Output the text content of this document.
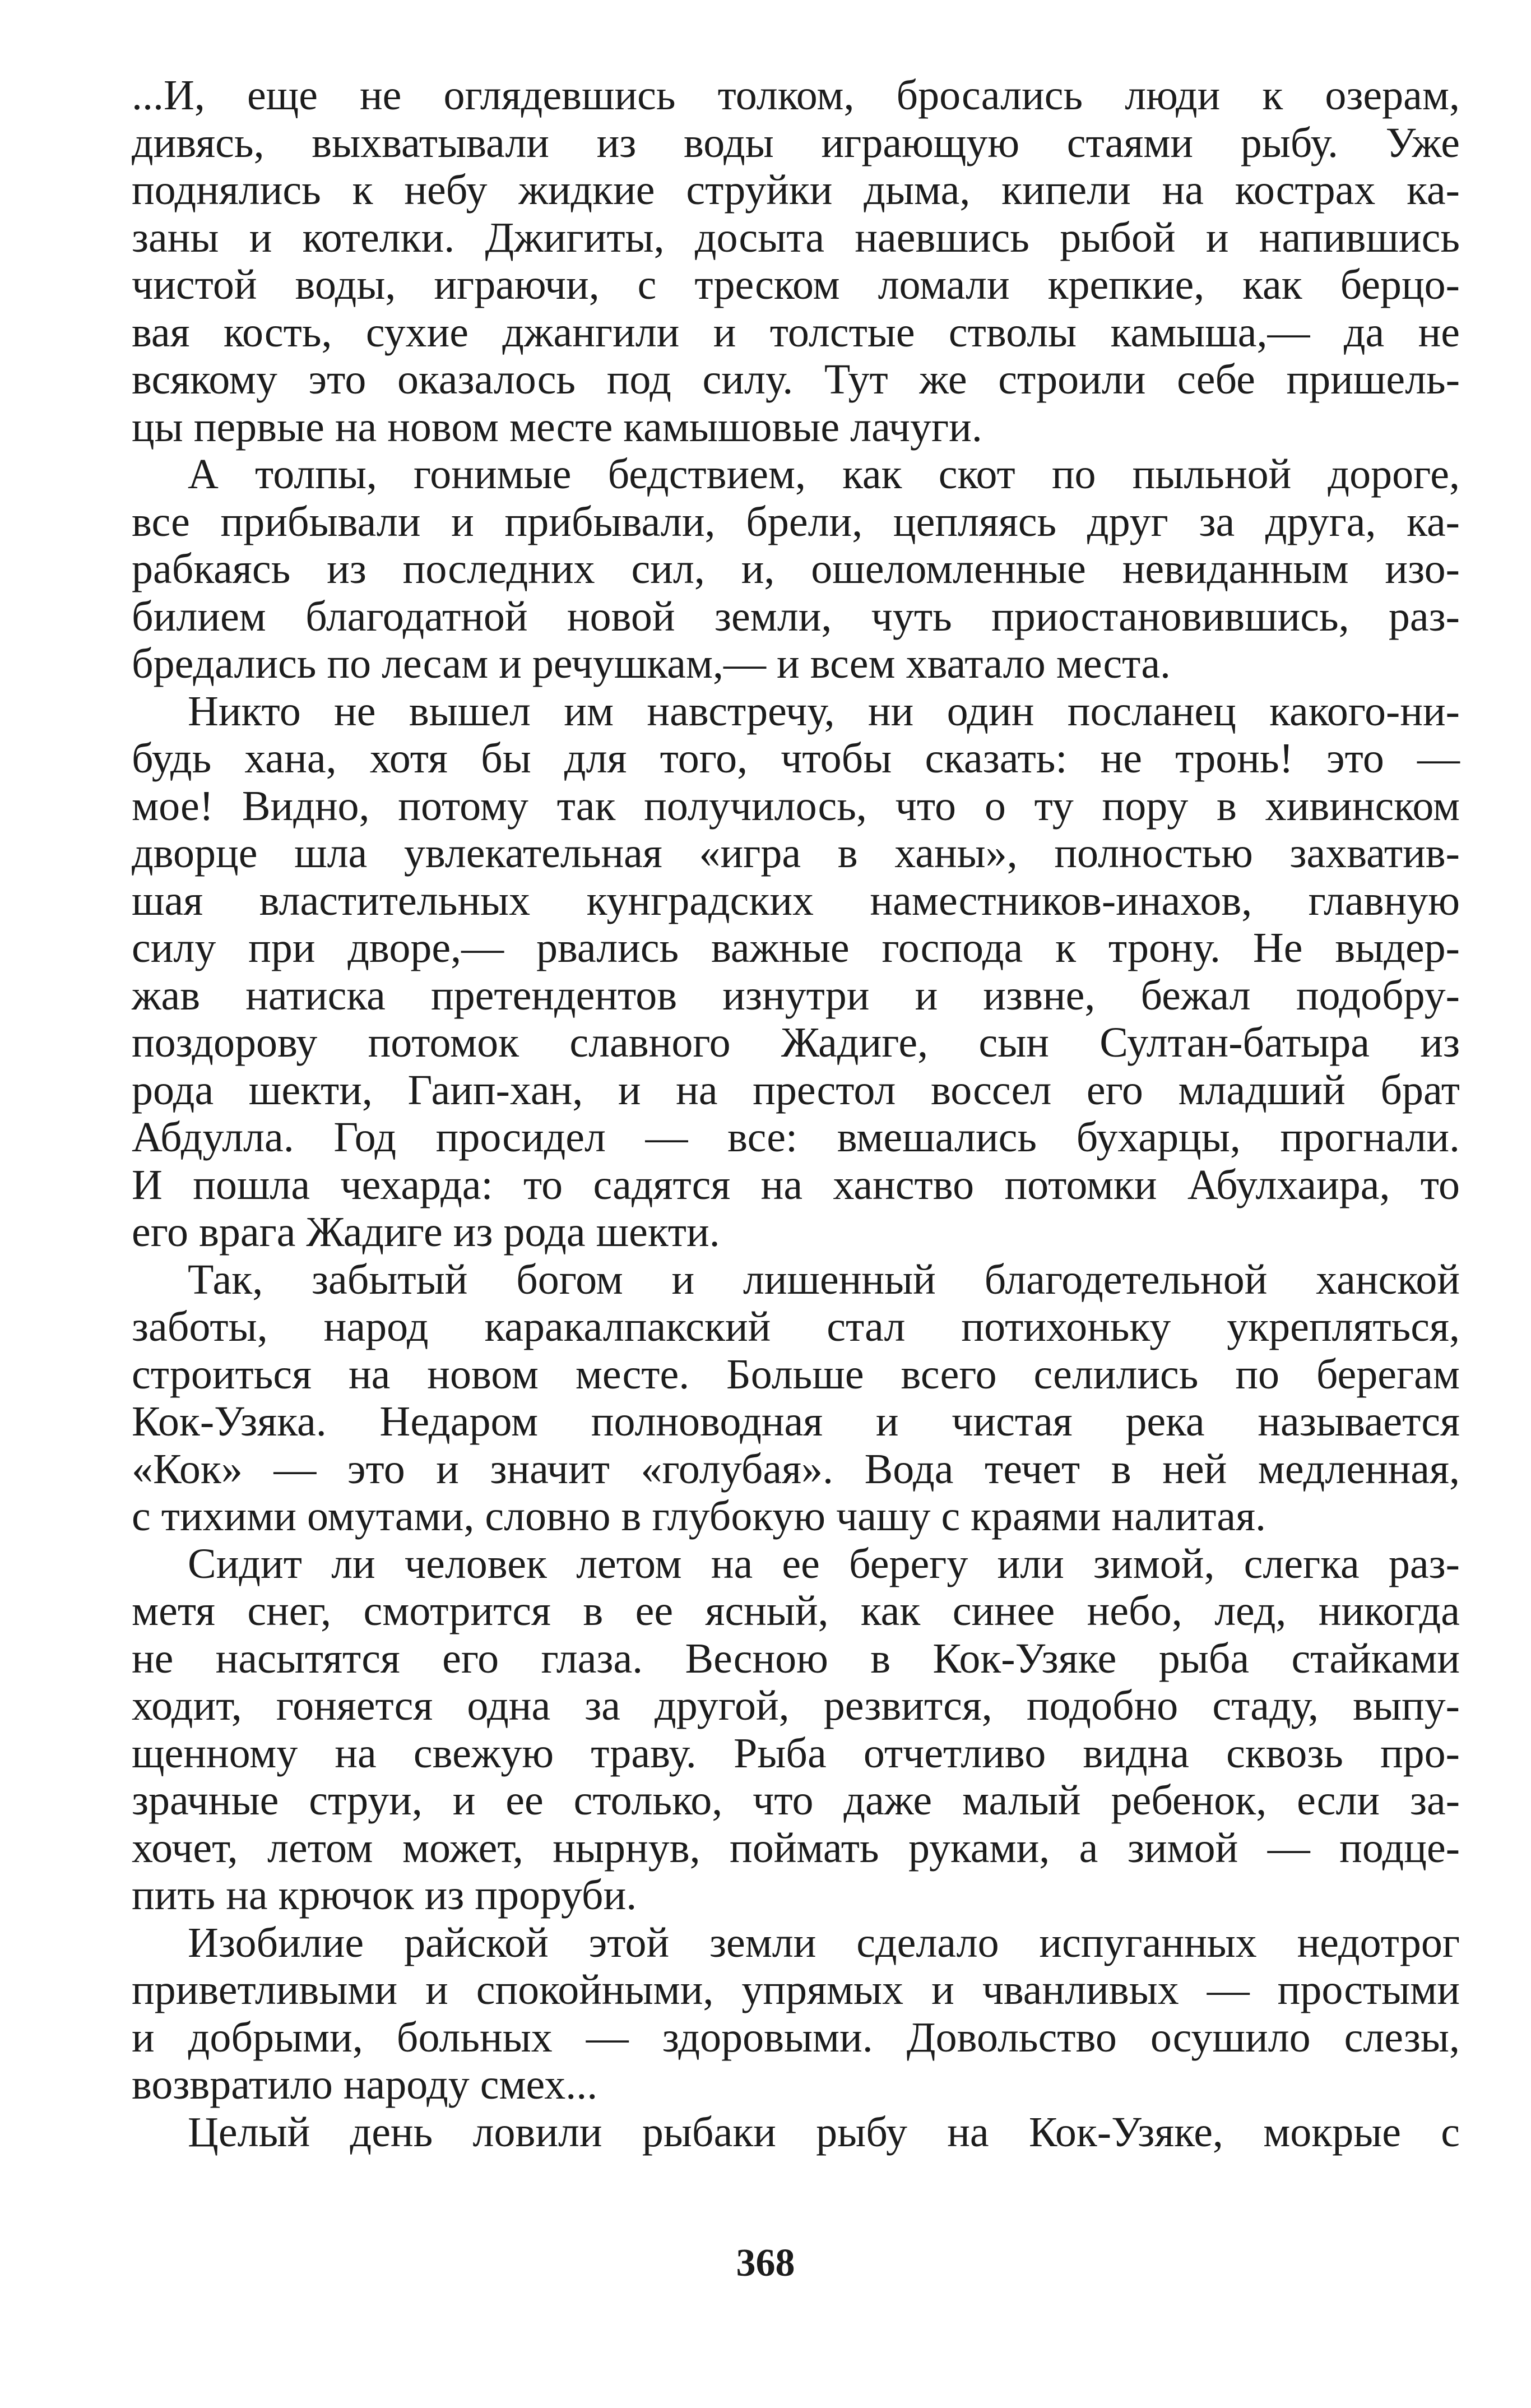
...И, еще не оглядевшись толком, бросались люди к озерам,
дивясь, выхватывали из воды играющую стаями рыбу. Уже
поднялись к небу жидкие струйки дыма, кипели на кострах ка-
заны и котелки. Джигиты, досыта наевшись рыбой и напившись
чистой воды, играючи, с треском ломали крепкие, как берцо-
вая кость, сухие джангили и толстые стволы камыша,— да не
всякому это оказалось под силу. Тут же строили себе пришель-
цы первые на новом месте камышовые лачуги.
А толпы, гонимые бедствием, как скот по пыльной дороге,
все прибывали и прибывали, брели, цепляясь друг за друга, ка-
рабкаясь из последних сил, и, ошеломленные невиданным изо-
билием благодатной новой земли, чуть приостановившись, раз-
бредались по лесам и речушкам,— и всем хватало места.
Никто не вышел им навстречу, ни один посланец какого-ни-
будь хана, хотя бы для того, чтобы сказать: не тронь! это —
мое! Видно, потому так получилось, что о ту пору в хивинском
дворце шла увлекательная «игра в ханы», полностью захватив-
шая властительных кунградских наместников-инахов, главную
силу при дворе,— рвались важные господа к трону. Не выдер-
жав натиска претендентов изнутри и извне, бежал подобру-
поздорову потомок славного Жадиге, сын Султан-батыра из
рода шекти, Гаип-хан, и на престол воссел его младший брат
Абдулла. Год просидел — все: вмешались бухарцы, прогнали.
И пошла чехарда: то садятся на ханство потомки Абулхаира, то
его врага Жадиге из рода шекти.
Так, забытый богом и лишенный благодетельной ханской
заботы, народ каракалпакский стал потихоньку укрепляться,
строиться на новом месте. Больше всего селились по берегам
Кок-Узяка. Недаром полноводная и чистая река называется
«Кок» — это и значит «голубая». Вода течет в ней медленная,
с тихими омутами, словно в глубокую чашу с краями налитая.
Сидит ли человек летом на ее берегу или зимой, слегка раз-
метя снег, смотрится в ее ясный, как синее небо, лед, никогда
не насытятся его глаза. Весною в Кок-Узяке рыба стайками
ходит, гоняется одна за другой, резвится, подобно стаду, выпу-
щенному на свежую траву. Рыба отчетливо видна сквозь про-
зрачные струи, и ее столько, что даже малый ребенок, если за-
хочет, летом может, нырнув, поймать руками, а зимой — подце-
пить на крючок из проруби.
Изобилие райской этой земли сделало испуганных недотрог
приветливыми и спокойными, упрямых и чванливых — простыми
и добрыми, больных — здоровыми. Довольство осушило слезы,
возвратило народу смех...
Целый день ловили рыбаки рыбу на Кок-Узяке, мокрые с
368
